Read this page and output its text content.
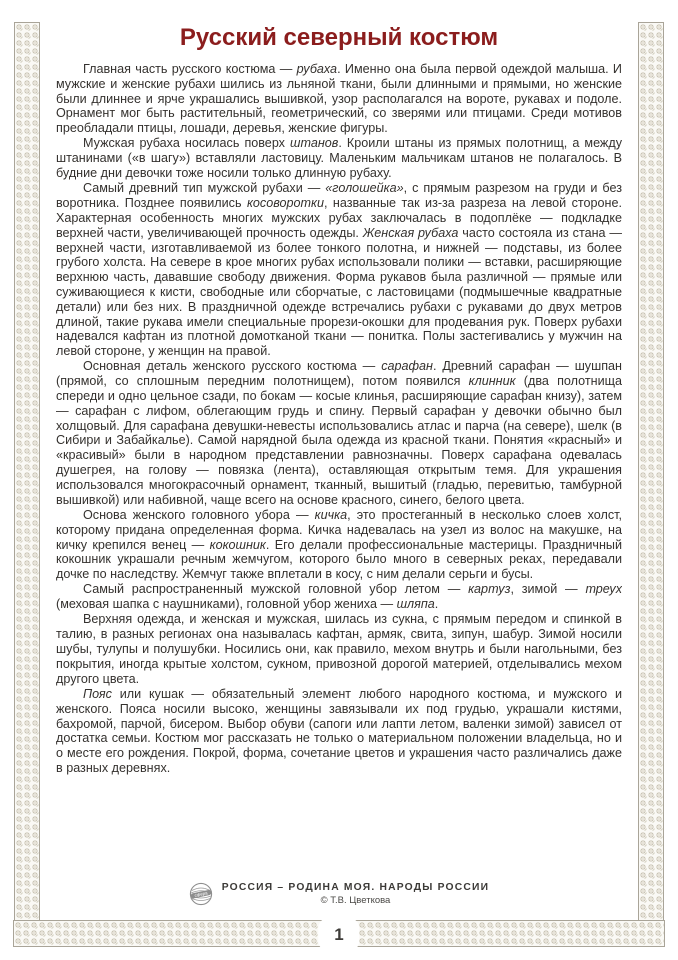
Русский северный костюм

Главная часть русского костюма — рубаха. Именно она была первой одеждой малыша. И мужские и женские рубахи шились из льняной ткани, были длинными и прямыми, но женские были длиннее и ярче украшались вышивкой, узор располагался на вороте, рукавах и подоле. Орнамент мог быть растительный, геометрический, со зверями или птицами. Среди мотивов преобладали птицы, лошади, деревья, женские фигуры.

Мужская рубаха носилась поверх штанов. Кроили штаны из прямых полотнищ, а между штанинами («в шагу») вставляли ластовицу. Маленьким мальчикам штанов не полагалось. В будние дни девочки тоже носили только длинную рубаху.

Самый древний тип мужской рубахи — «голошейка», с прямым разрезом на груди и без воротника. Позднее появились косоворотки, названные так из-за разреза на левой стороне. Характерная особенность многих мужских рубах заключалась в подоплёке — подкладке верхней части, увеличивающей прочность одежды. Женская рубаха часто состояла из стана — верхней части, изготавливаемой из более тонкого полотна, и нижней — подставы, из более грубого холста. На севере в крое многих рубах использовали полики — вставки, расширяющие верхнюю часть, дававшие свободу движения. Форма рукавов была различной — прямые или суживающиеся к кисти, свободные или сборчатые, с ластовицами (подмышечные квадратные детали) или без них. В праздничной одежде встречались рубахи с рукавами до двух метров длиной, такие рукава имели специальные прорези-окошки для продевания рук. Поверх рубахи надевался кафтан из плотной домотканой ткани — понитка. Полы застегивались у мужчин на левой стороне, у женщин на правой.

Основная деталь женского русского костюма — сарафан. Древний сарафан — шушпан (прямой, со сплошным передним полотнищем), потом появился клинник (два полотнища спереди и одно цельное сзади, по бокам — косые клинья, расширяющие сарафан книзу), затем — сарафан с лифом, облегающим грудь и спину. Первый сарафан у девочки обычно был холщовый. Для сарафана девушки-невесты использовались атлас и парча (на севере), шелк (в Сибири и Забайкалье). Самой нарядной была одежда из красной ткани. Понятия «красный» и «красивый» были в народном представлении равнозначны. Поверх сарафана одевалась душегрея, на голову — повязка (лента), оставляющая открытым темя. Для украшения использовался многокрасочный орнамент, тканный, вышитый (гладью, перевитью, тамбурной вышивкой) или набивной, чаще всего на основе красного, синего, белого цвета.

Основа женского головного убора — кичка, это простеганный в несколько слоев холст, которому придана определенная форма. Кичка надевалась на узел из волос на макушке, на кичку крепился венец — кокошник. Его делали профессиональные мастерицы. Праздничный кокошник украшали речным жемчугом, которого было много в северных реках, передавали дочке по наследству. Жемчуг также вплетали в косу, с ним делали серьги и бусы.

Самый распространенный мужской головной убор летом — картуз, зимой — треух (меховая шапка с наушниками), головной убор жениха — шляпа.

Верхняя одежда, и женская и мужская, шилась из сукна, с прямым передом и спинкой в талию, в разных регионах она называлась кафтан, армяк, свита, зипун, шабур. Зимой носили шубы, тулупы и полушубки. Носились они, как правило, мехом внутрь и были нагольными, без покрытия, иногда крытые холстом, сукном, привозной дорогой материей, отделывались мехом другого цвета.

Пояс или кушак — обязательный элемент любого народного костюма, и мужского и женского. Пояса носили высоко, женщины завязывали их под грудью, украшали кистями, бахромой, парчой, бисером. Выбор обуви (сапоги или лапти летом, валенки зимой) зависел от достатка семьи. Костюм мог рассказать не только о материальном положении владельца, но и о месте его рождения. Покрой, форма, сочетание цветов и украшения часто различались даже в разных деревнях.

сфера
РОССИЯ – РОДИНА МОЯ. НАРОДЫ РОССИИ
© Т.В. Цветкова
1
